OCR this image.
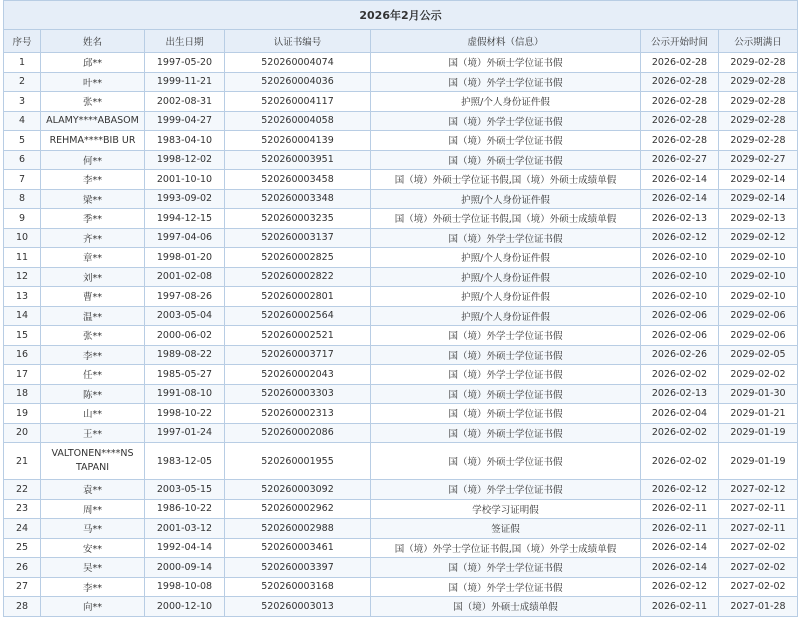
2026年2月公示						
序号	姓名	出生日期	认证书编号	虚假材料（信息）	公示开始时间	公示期满日
1	邱**	1997-05-20	520260004074	国（境）外硕士学位证书假	2026-02-28	2029-02-28
2	叶**	1999-11-21	520260004036	国（境）外学士学位证书假	2026-02-28	2029-02-28
3	张**	2002-08-31	520260004117	护照/个人身份证件假	2026-02-28	2029-02-28
4	ALAMY****ABASOM	1999-04-27	520260004058	国（境）外学士学位证书假	2026-02-28	2029-02-28
5	REHMA****BIB UR	1983-04-10	520260004139	国（境）外硕士学位证书假	2026-02-28	2029-02-28
6	何**	1998-12-02	520260003951	国（境）外硕士学位证书假	2026-02-27	2029-02-27
7	李**	2001-10-10	520260003458	国（境）外硕士学位证书假,国（境）外硕士成绩单假	2026-02-14	2029-02-14
8	梁**	1993-09-02	520260003348	护照/个人身份证件假	2026-02-14	2029-02-14
9	季**	1994-12-15	520260003235	国（境）外硕士学位证书假,国（境）外硕士成绩单假	2026-02-13	2029-02-13
10	齐**	1997-04-06	520260003137	国（境）外学士学位证书假	2026-02-12	2029-02-12
11	章**	1998-01-20	520260002825	护照/个人身份证件假	2026-02-10	2029-02-10
12	刘**	2001-02-08	520260002822	护照/个人身份证件假	2026-02-10	2029-02-10
13	曹**	1997-08-26	520260002801	护照/个人身份证件假	2026-02-10	2029-02-10
14	温**	2003-05-04	520260002564	护照/个人身份证件假	2026-02-06	2029-02-06
15	张**	2000-06-02	520260002521	国（境）外学士学位证书假	2026-02-06	2029-02-06
16	李**	1989-08-22	520260003717	国（境）外硕士学位证书假	2026-02-26	2029-02-05
17	任**	1985-05-27	520260002043	国（境）外学士学位证书假	2026-02-02	2029-02-02
18	陈**	1991-08-10	520260003303	国（境）外硕士学位证书假	2026-02-13	2029-01-30
19	山**	1998-10-22	520260002313	国（境）外硕士学位证书假	2026-02-04	2029-01-21
20	王**	1997-01-24	520260002086	国（境）外硕士学位证书假	2026-02-02	2029-01-19
21	VALTONEN****NS TAPANI	1983-12-05	520260001955	国（境）外硕士学位证书假	2026-02-02	2029-01-19
22	袁**	2003-05-15	520260003092	国（境）外学士学位证书假	2026-02-12	2027-02-12
23	周**	1986-10-22	520260002962	学校学习证明假	2026-02-11	2027-02-11
24	马**	2001-03-12	520260002988	签证假	2026-02-11	2027-02-11
25	安**	1992-04-14	520260003461	国（境）外学士学位证书假,国（境）外学士成绩单假	2026-02-14	2027-02-02
26	吴**	2000-09-14	520260003397	国（境）外学士学位证书假	2026-02-14	2027-02-02
27	李**	1998-10-08	520260003168	国（境）外学士学位证书假	2026-02-12	2027-02-02
28	向**	2000-12-10	520260003013	国（境）外硕士成绩单假	2026-02-11	2027-01-28
